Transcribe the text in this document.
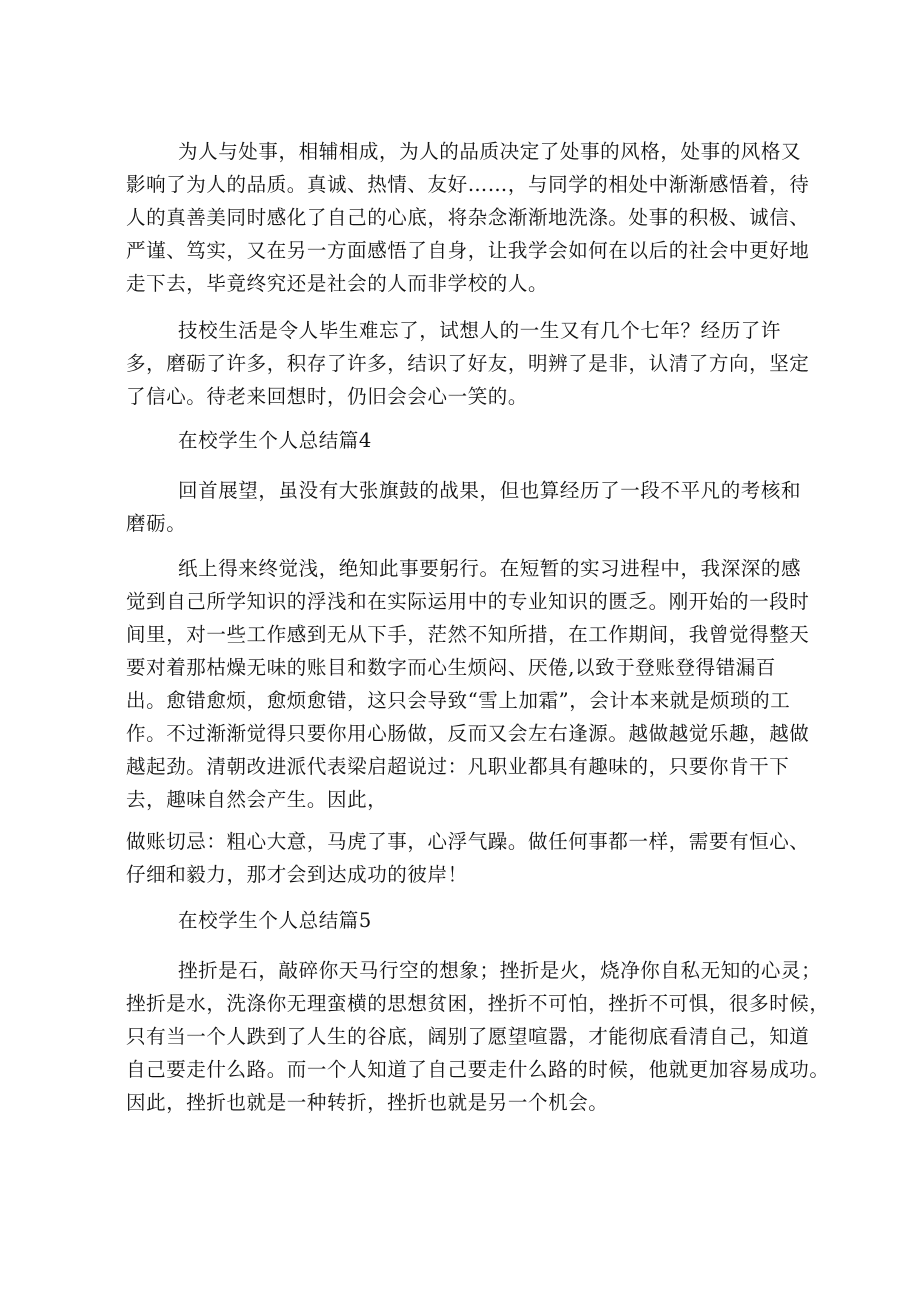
为人与处事，相辅相成，为人的品质决定了处事的风格，处事的风格又
影响了为人的品质。真诚、热情、友好……，与同学的相处中渐渐感悟着，待
人的真善美同时感化了自己的心底，将杂念渐渐地洗涤。处事的积极、诚信、
严谨、笃实，又在另一方面感悟了自身，让我学会如何在以后的社会中更好地
走下去，毕竟终究还是社会的人而非学校的人。

技校生活是令人毕生难忘了，试想人的一生又有几个七年？经历了许
多，磨砺了许多，积存了许多，结识了好友，明辨了是非，认清了方向，坚定
了信心。待老来回想时，仍旧会会心一笑的。

在校学生个人总结篇4

回首展望，虽没有大张旗鼓的战果，但也算经历了一段不平凡的考核和
磨砺。

纸上得来终觉浅，绝知此事要躬行。在短暂的实习进程中，我深深的感
觉到自己所学知识的浮浅和在实际运用中的专业知识的匮乏。刚开始的一段时
间里，对一些工作感到无从下手，茫然不知所措，在工作期间，我曾觉得整天
要对着那枯燥无味的账目和数字而心生烦闷、厌倦,以致于登账登得错漏百
出。愈错愈烦，愈烦愈错，这只会导致“雪上加霜”，会计本来就是烦琐的工
作。不过渐渐觉得只要你用心肠做，反而又会左右逢源。越做越觉乐趣，越做
越起劲。清朝改进派代表梁启超说过：凡职业都具有趣味的，只要你肯干下
去，趣味自然会产生。因此，

做账切忌：粗心大意，马虎了事，心浮气躁。做任何事都一样，需要有恒心、
仔细和毅力，那才会到达成功的彼岸！

在校学生个人总结篇5

挫折是石，敲碎你天马行空的想象；挫折是火，烧净你自私无知的心灵；
挫折是水，洗涤你无理蛮横的思想贫困，挫折不可怕，挫折不可惧，很多时候，
只有当一个人跌到了人生的谷底，阔别了愿望喧嚣，才能彻底看清自己，知道
自己要走什么路。而一个人知道了自己要走什么路的时候，他就更加容易成功。
因此，挫折也就是一种转折，挫折也就是另一个机会。
